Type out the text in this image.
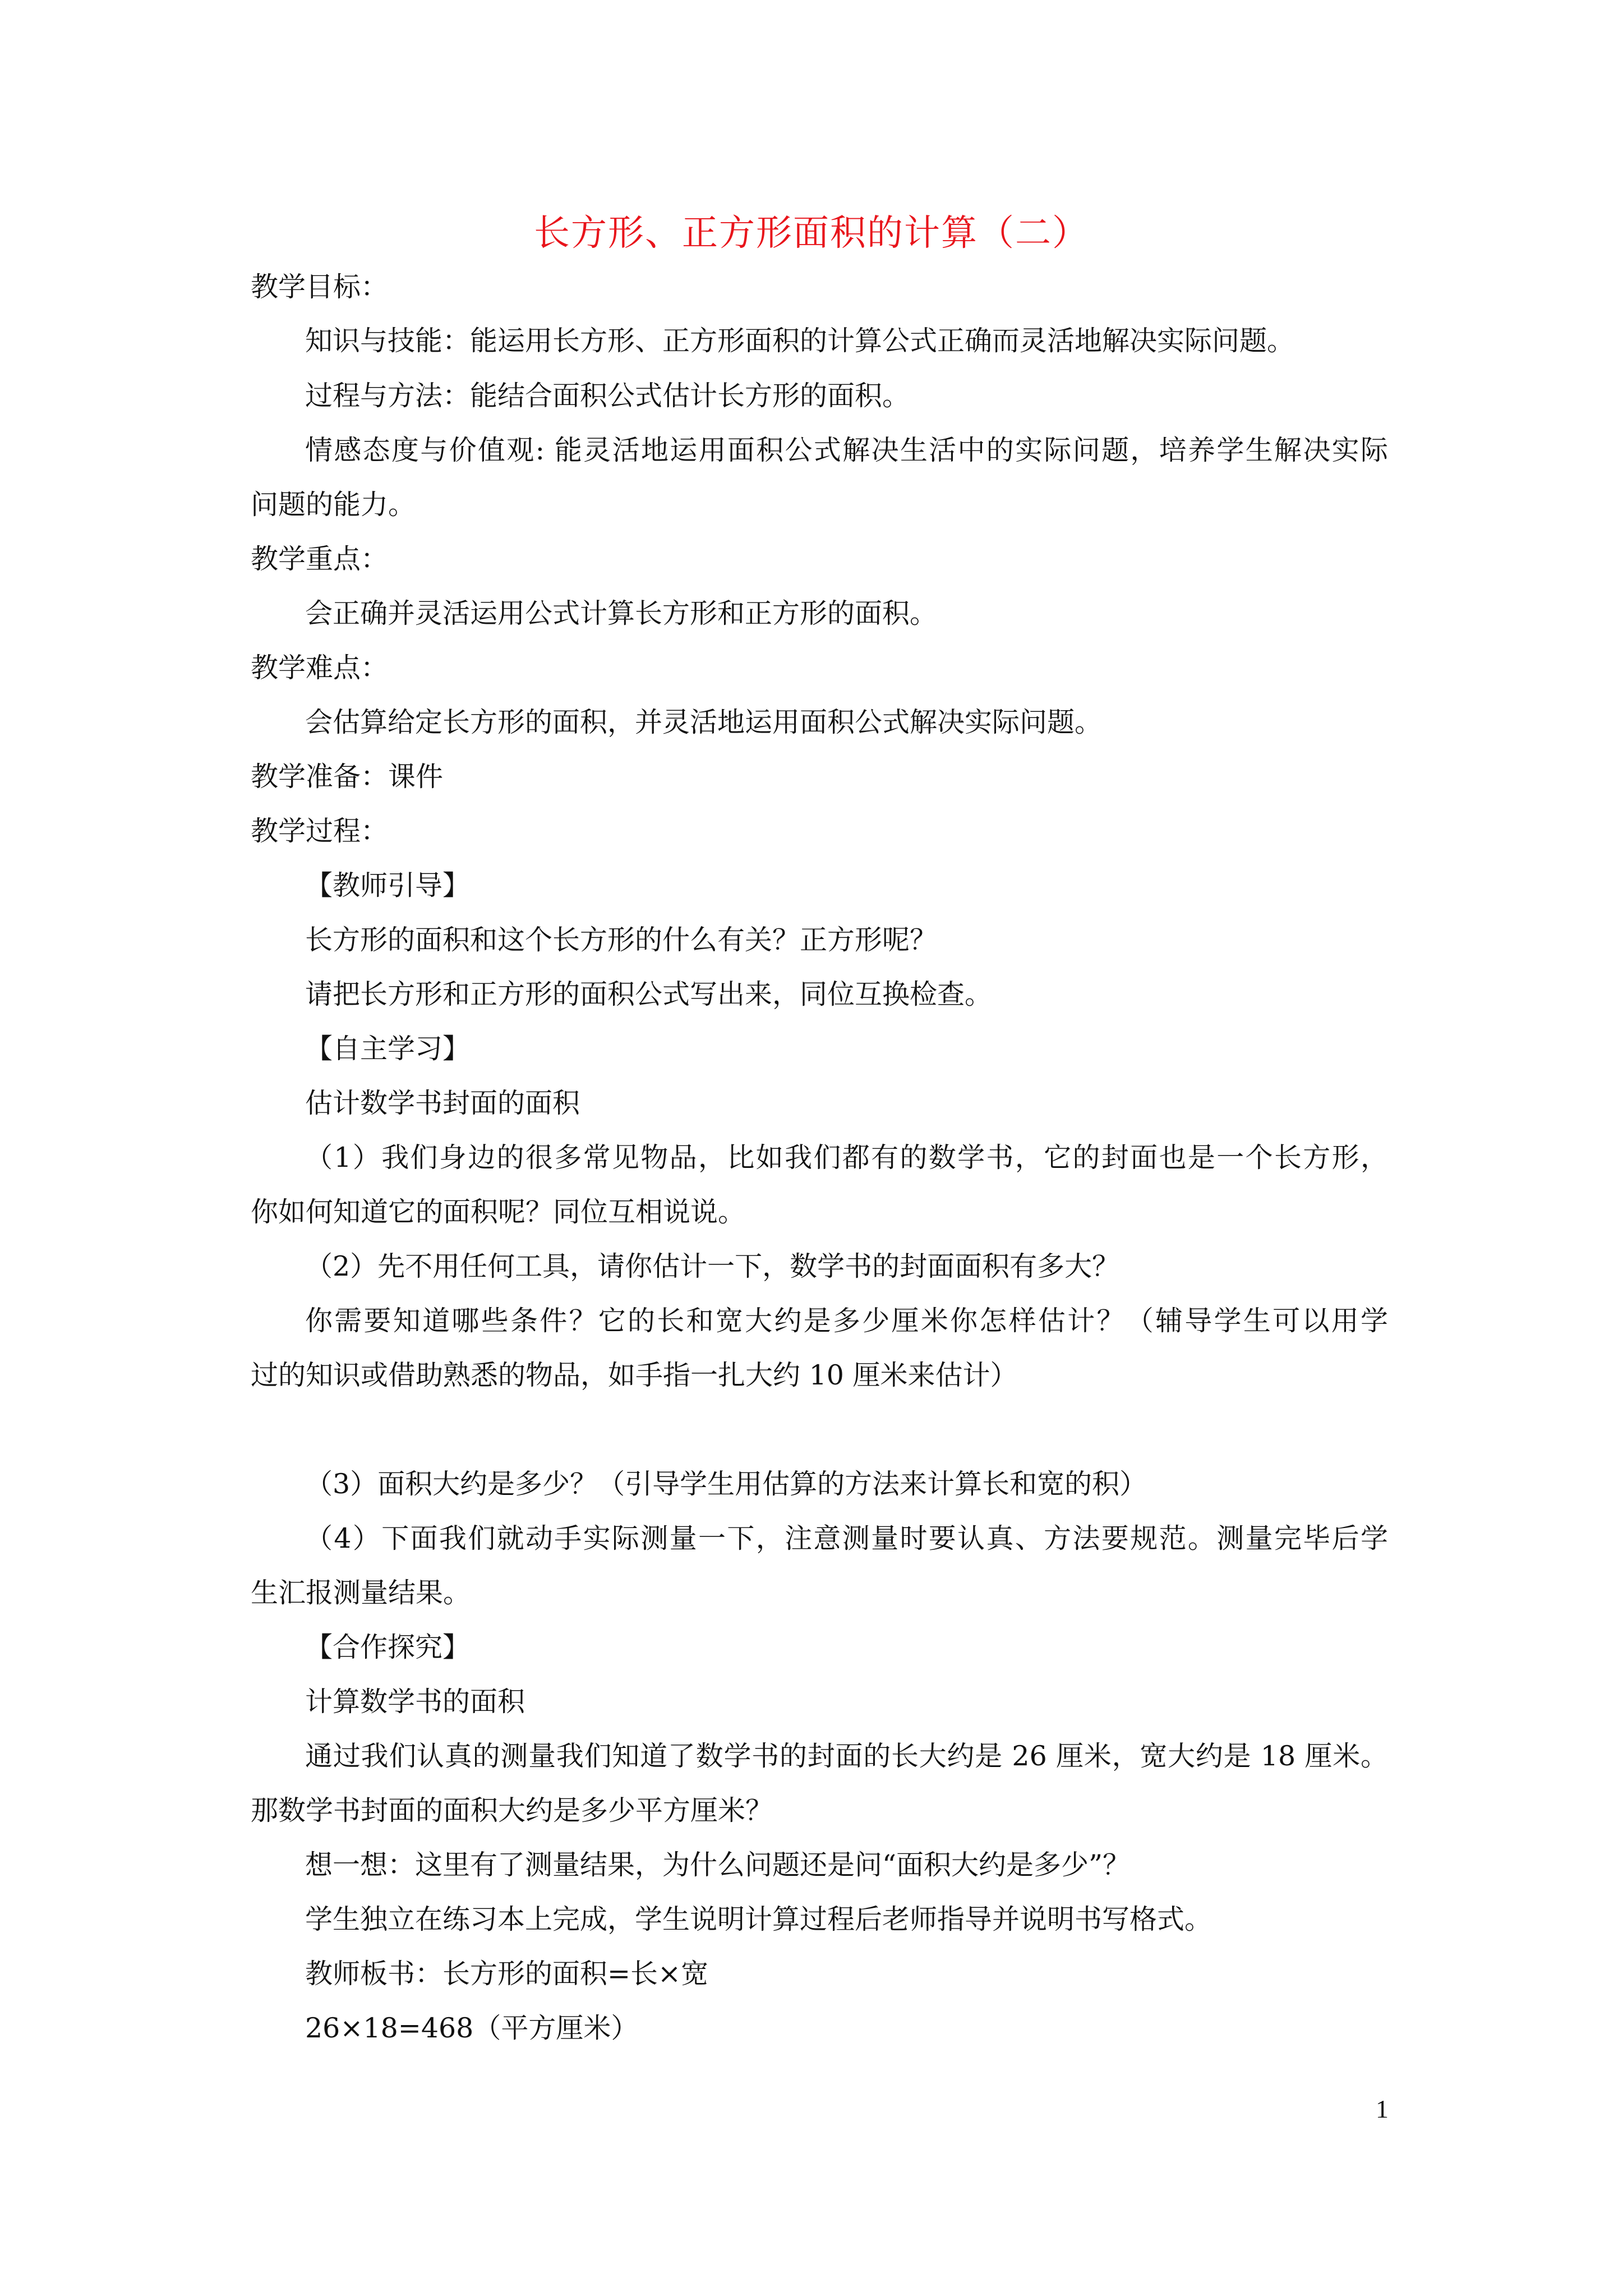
长方形、正方形面积的计算（二）
教学目标：
知识与技能：能运用长方形、正方形面积的计算公式正确而灵活地解决实际问题。
过程与方法：能结合面积公式估计长方形的面积。
情感态度与价值观: 能灵活地运用面积公式解决生活中的实际问题，培养学生解决实际
问题的能力。
教学重点：
会正确并灵活运用公式计算长方形和正方形的面积。
教学难点：
会估算给定长方形的面积，并灵活地运用面积公式解决实际问题。
教学准备：课件
教学过程：
【教师引导】
长方形的面积和这个长方形的什么有关？正方形呢？
请把长方形和正方形的面积公式写出来，同位互换检查。
【自主学习】
估计数学书封面的面积
（1）我们身边的很多常见物品，比如我们都有的数学书，它的封面也是一个长方形，
你如何知道它的面积呢？同位互相说说。
（2）先不用任何工具，请你估计一下，数学书的封面面积有多大？
你需要知道哪些条件？它的长和宽大约是多少厘米你怎样估计？（辅导学生可以用学
过的知识或借助熟悉的物品，如手指一扎大约 10 厘米来估计）
（3）面积大约是多少？（引导学生用估算的方法来计算长和宽的积）
（4）下面我们就动手实际测量一下，注意测量时要认真、方法要规范。测量完毕后学
生汇报测量结果。
【合作探究】
计算数学书的面积
通过我们认真的测量我们知道了数学书的封面的长大约是 26 厘米，宽大约是 18 厘米。
那数学书封面的面积大约是多少平方厘米？
想一想：这里有了测量结果，为什么问题还是问“面积大约是多少”？
学生独立在练习本上完成，学生说明计算过程后老师指导并说明书写格式。
教师板书：长方形的面积=长×宽
26×18=468（平方厘米）
1
